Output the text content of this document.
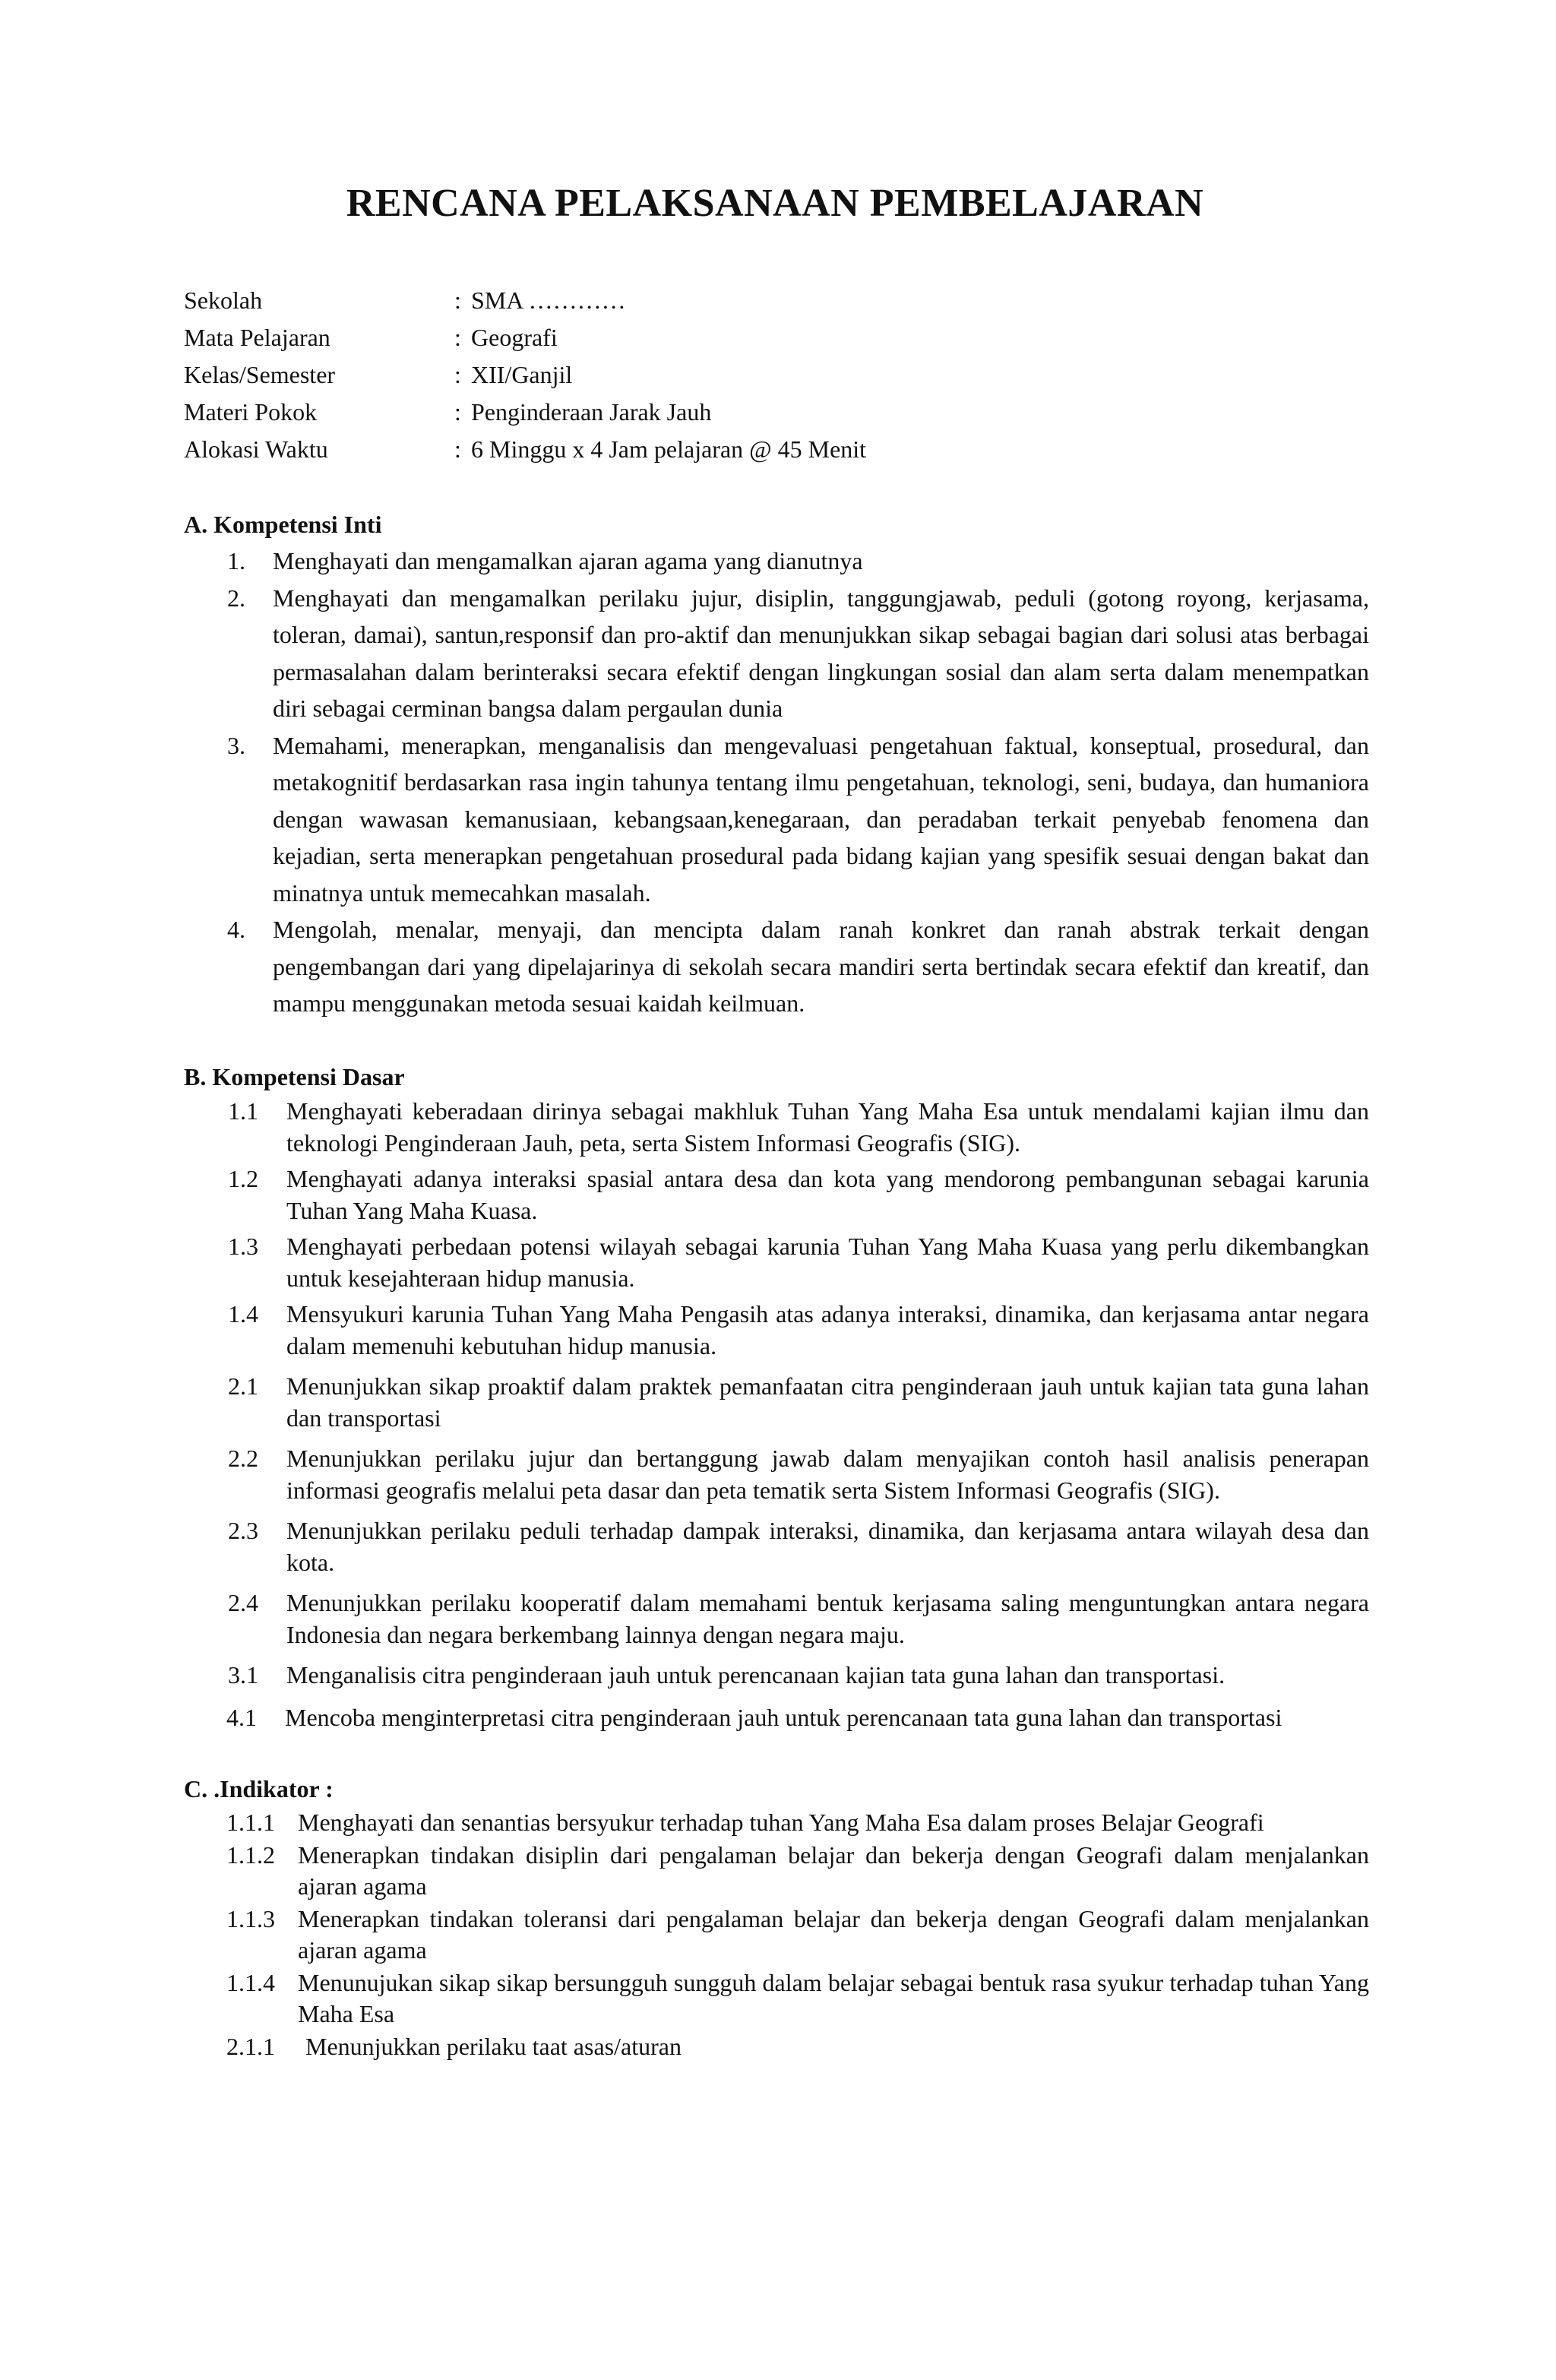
RENCANA PELAKSANAAN PEMBELAJARAN
Sekolah	: SMA …………
Mata Pelajaran	: Geografi
Kelas/Semester	: XII/Ganjil
Materi Pokok	: Penginderaan Jarak Jauh
Alokasi Waktu	: 6 Minggu x 4 Jam pelajaran @ 45 Menit
A. Kompetensi Inti
1.	Menghayati dan mengamalkan ajaran agama yang dianutnya
2.	Menghayati dan mengamalkan perilaku jujur, disiplin, tanggungjawab, peduli (gotong royong, kerjasama, toleran, damai), santun,responsif dan pro-aktif dan menunjukkan sikap sebagai bagian dari solusi atas berbagai permasalahan dalam berinteraksi secara efektif dengan lingkungan sosial dan alam serta dalam menempatkan diri sebagai cerminan bangsa dalam pergaulan dunia
3.	Memahami, menerapkan, menganalisis dan mengevaluasi pengetahuan faktual, konseptual, prosedural, dan metakognitif berdasarkan rasa ingin tahunya tentang ilmu pengetahuan, teknologi, seni, budaya, dan humaniora dengan wawasan kemanusiaan, kebangsaan,kenegaraan, dan peradaban terkait penyebab fenomena dan kejadian, serta menerapkan pengetahuan prosedural pada bidang kajian yang spesifik sesuai dengan bakat dan minatnya untuk memecahkan masalah.
4.	Mengolah, menalar, menyaji, dan mencipta dalam ranah konkret dan ranah abstrak terkait dengan pengembangan dari yang dipelajarinya di sekolah secara mandiri serta bertindak secara efektif dan kreatif, dan mampu menggunakan metoda sesuai kaidah keilmuan.
B. Kompetensi Dasar
1.1	Menghayati keberadaan dirinya sebagai makhluk Tuhan Yang Maha Esa untuk mendalami kajian ilmu dan teknologi Penginderaan Jauh, peta, serta Sistem Informasi Geografis (SIG).
1.2	Menghayati adanya interaksi spasial antara desa dan kota yang mendorong pembangunan sebagai karunia Tuhan Yang Maha Kuasa.
1.3	Menghayati perbedaan potensi wilayah sebagai karunia Tuhan Yang Maha Kuasa yang perlu dikembangkan untuk kesejahteraan hidup manusia.
1.4	Mensyukuri karunia Tuhan Yang Maha Pengasih atas adanya interaksi, dinamika, dan kerjasama antar negara dalam memenuhi kebutuhan hidup manusia.
2.1	Menunjukkan sikap proaktif dalam praktek pemanfaatan citra penginderaan jauh untuk kajian tata guna lahan dan transportasi
2.2	Menunjukkan perilaku jujur dan bertanggung jawab dalam menyajikan contoh hasil analisis penerapan informasi geografis melalui peta dasar dan peta tematik serta Sistem Informasi Geografis (SIG).
2.3	Menunjukkan perilaku peduli terhadap dampak interaksi, dinamika, dan kerjasama antara wilayah desa dan kota.
2.4	Menunjukkan perilaku kooperatif dalam memahami bentuk kerjasama saling menguntungkan antara negara Indonesia dan negara berkembang lainnya dengan negara maju.
3.1	Menganalisis citra penginderaan jauh untuk perencanaan kajian tata guna lahan dan transportasi.
4.1	Mencoba menginterpretasi citra penginderaan jauh untuk perencanaan tata guna lahan dan transportasi
C. .Indikator :
1.1.1 Menghayati dan senantias bersyukur terhadap tuhan Yang Maha Esa dalam proses Belajar Geografi
1.1.2 Menerapkan tindakan disiplin dari pengalaman belajar dan bekerja dengan Geografi dalam menjalankan ajaran agama
1.1.3 Menerapkan tindakan toleransi dari pengalaman belajar dan bekerja dengan Geografi dalam menjalankan ajaran agama
1.1.4 Menunujukan sikap sikap bersungguh sungguh dalam belajar sebagai bentuk rasa syukur terhadap tuhan Yang Maha Esa
2.1.1	Menunjukkan perilaku taat asas/aturan
